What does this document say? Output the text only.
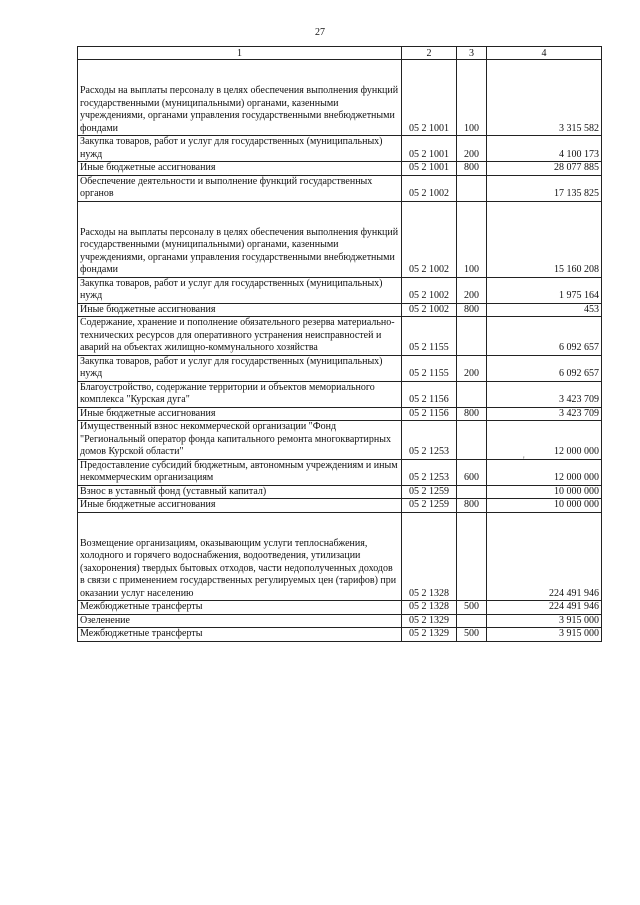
27
1	2	3	4

Расходы на выплаты персоналу в целях обеспечения выполнения функций государственными (муниципальными) органами, казенными учреждениями, органами управления государственными внебюджетными фондами	05 2 1001	100	3 315 582
Закупка товаров, работ и услуг для государственных (муниципальных) нужд	05 2 1001	200	4 100 173
Иные бюджетные ассигнования	05 2 1001	800	28 077 885
Обеспечение деятельности и выполнение функций государственных органов	05 2 1002		17 135 825

Расходы на выплаты персоналу в целях обеспечения выполнения функций государственными (муниципальными) органами, казенными учреждениями, органами управления государственными внебюджетными фондами	05 2 1002	100	15 160 208
Закупка товаров, работ и услуг для государственных (муниципальных) нужд	05 2 1002	200	1 975 164
Иные бюджетные ассигнования	05 2 1002	800	453
Содержание, хранение и пополнение обязательного резерва материально-технических ресурсов для оперативного устранения неисправностей и аварий на объектах жилищно-коммунального хозяйства	05 2 1155		6 092 657
Закупка товаров, работ и услуг для государственных (муниципальных) нужд	05 2 1155	200	6 092 657
Благоустройство, содержание территории и объектов мемориального комплекса "Курская дуга"	05 2 1156		3 423 709
Иные бюджетные ассигнования	05 2 1156	800	3 423 709
Имущественный взнос некоммерческой организации "Фонд "Региональный оператор фонда капитального ремонта многоквартирных домов Курской области"	05 2 1253		12 000 000
Предоставление субсидий бюджетным, автономным учреждениям и иным некоммерческим организациям	05 2 1253	600	12 000 000
Взнос в уставный фонд (уставный капитал)	05 2 1259		10 000 000
Иные бюджетные ассигнования	05 2 1259	800	10 000 000

Возмещение организациям, оказывающим услуги теплоснабжения, холодного и горячего водоснабжения, водоотведения, утилизации (захоронения) твердых бытовых отходов, части недополученных доходов в связи с применением государственных регулируемых цен (тарифов) при оказании услуг населению	05 2 1328		224 491 946
Межбюджетные трансферты	05 2 1328	500	224 491 946
Озеленение	05 2 1329		3 915 000
Межбюджетные трансферты	05 2 1329	500	3 915 000
'
